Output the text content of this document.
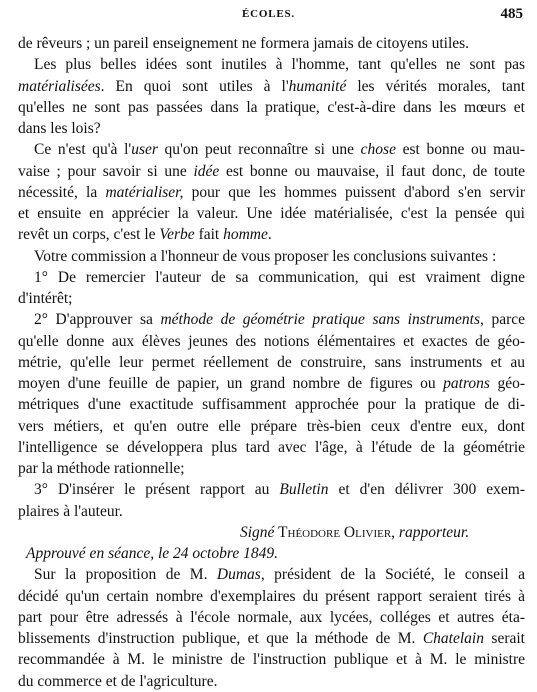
ÉCOLES.	485
de rêveurs ; un pareil enseignement ne formera jamais de citoyens utiles.
Les plus belles idées sont inutiles à l'homme, tant qu'elles ne sont pas
matérialisées. En quoi sont utiles à l'humanité les vérités morales, tant
qu'elles ne sont pas passées dans la pratique, c'est-à-dire dans les mœurs et
dans les lois?
Ce n'est qu'à l'user qu'on peut reconnaître si une chose est bonne ou mau-
vaise ; pour savoir si une idée est bonne ou mauvaise, il faut donc, de toute
nécessité, la matérialiser, pour que les hommes puissent d'abord s'en servir
et ensuite en apprécier la valeur. Une idée matérialisée, c'est la pensée qui
revêt un corps, c'est le Verbe fait homme.
Votre commission a l'honneur de vous proposer les conclusions suivantes :
1° De remercier l'auteur de sa communication, qui est vraiment digne
d'intérêt;
2° D'approuver sa méthode de géométrie pratique sans instruments, parce
qu'elle donne aux élèves jeunes des notions élémentaires et exactes de géo-
métrie, qu'elle leur permet réellement de construire, sans instruments et au
moyen d'une feuille de papier, un grand nombre de figures ou patrons géo-
métriques d'une exactitude suffisamment approchée pour la pratique de di-
vers métiers, et qu'en outre elle prépare très-bien ceux d'entre eux, dont
l'intelligence se développera plus tard avec l'âge, à l'étude de la géométrie
par la méthode rationnelle;
3° D'insérer le présent rapport au Bulletin et d'en délivrer 300 exem-
plaires à l'auteur.
Signé Théodore Olivier, rapporteur.
Approuvé en séance, le 24 octobre 1849.
Sur la proposition de M. Dumas, président de la Société, le conseil a
décidé qu'un certain nombre d'exemplaires du présent rapport seraient tirés à
part pour être adressés à l'école normale, aux lycées, colléges et autres éta-
blissements d'instruction publique, et que la méthode de M. Chatelain serait
recommandée à M. le ministre de l'instruction publique et à M. le ministre
du commerce et de l'agriculture.
